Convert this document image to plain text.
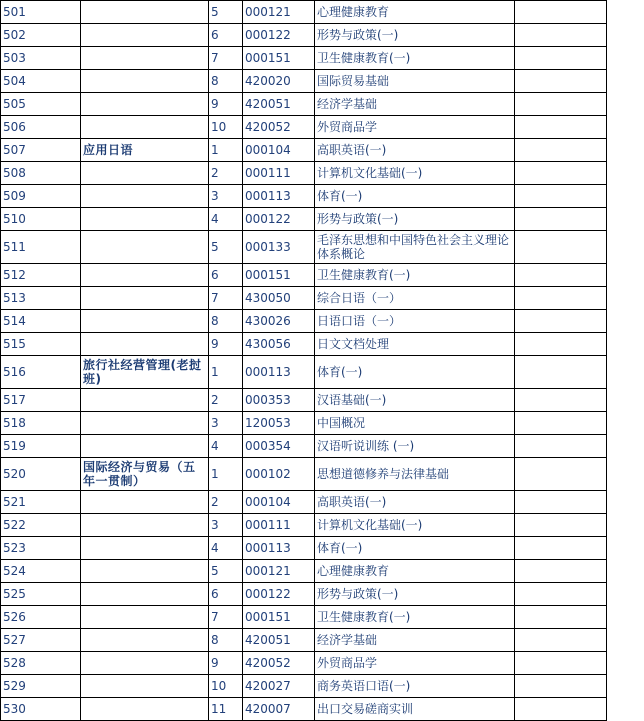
501		5	000121	心理健康教育	
502		6	000122	形势与政策(一)	
503		7	000151	卫生健康教育(一)	
504		8	420020	国际贸易基础	
505		9	420051	经济学基础	
506		10	420052	外贸商品学	
507	应用日语	1	000104	高职英语(一)	
508		2	000111	计算机文化基础(一)	
509		3	000113	体育(一)	
510		4	000122	形势与政策(一)	
511		5	000133	毛泽东思想和中国特色社会主义理论体系概论	
512		6	000151	卫生健康教育(一)	
513		7	430050	综合日语（一）	
514		8	430026	日语口语（一）	
515		9	430056	日文文档处理	
516	旅行社经营管理(老挝班)	1	000113	体育(一)	
517		2	000353	汉语基础(一)	
518		3	120053	中国概况	
519		4	000354	汉语听说训练 (一)	
520	国际经济与贸易（五年一贯制）	1	000102	思想道德修养与法律基础	
521		2	000104	高职英语(一)	
522		3	000111	计算机文化基础(一)	
523		4	000113	体育(一)	
524		5	000121	心理健康教育	
525		6	000122	形势与政策(一)	
526		7	000151	卫生健康教育(一)	
527		8	420051	经济学基础	
528		9	420052	外贸商品学	
529		10	420027	商务英语口语(一)	
530		11	420007	出口交易磋商实训	
